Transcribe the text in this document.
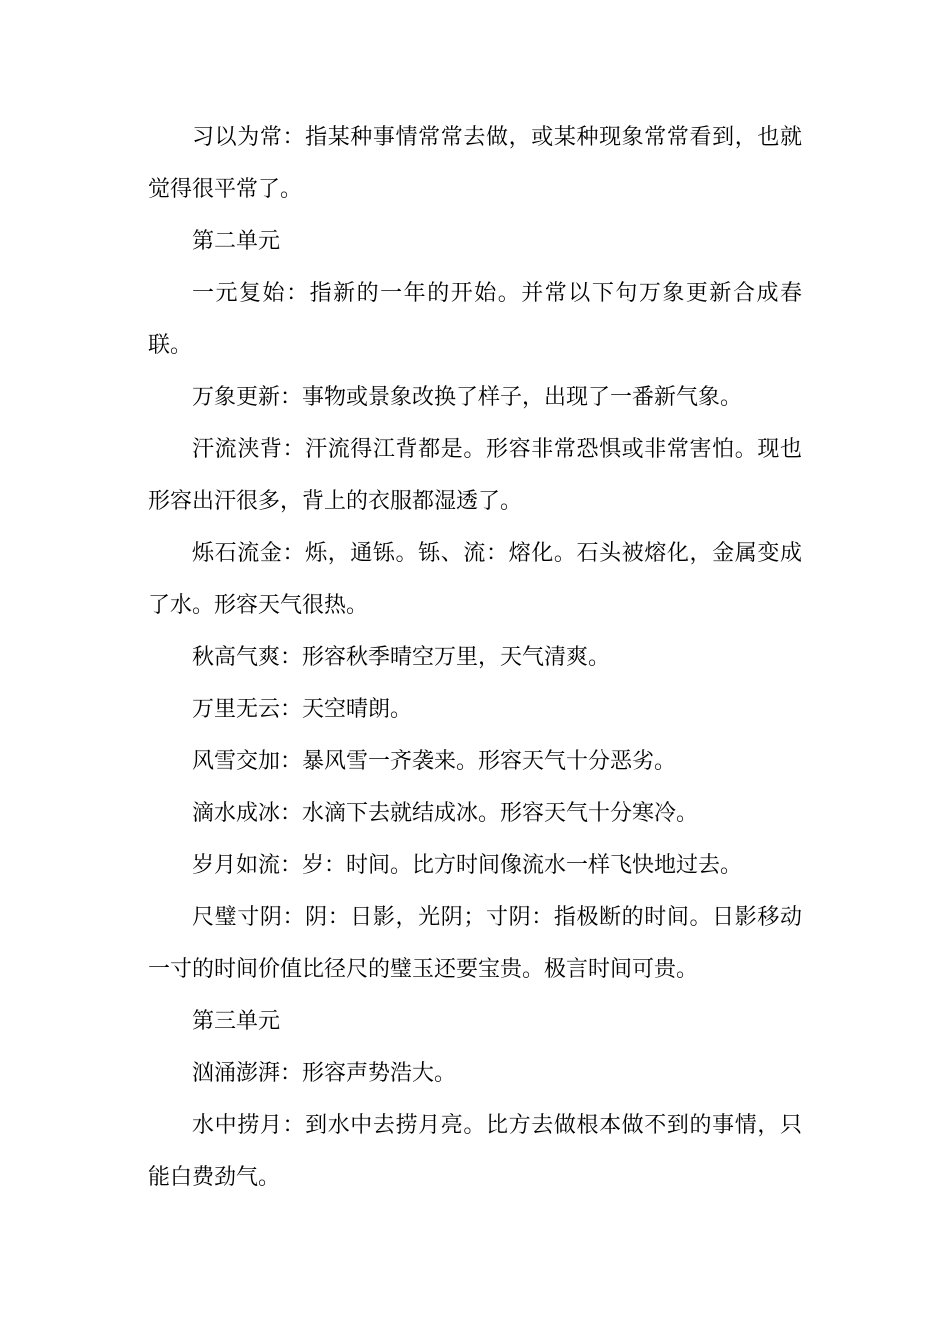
习以为常：指某种事情常常去做，或某种现象常常看到，也就觉得很平常了。

第二单元

一元复始：指新的一年的开始。并常以下句万象更新合成春联。

万象更新：事物或景象改换了样子，出现了一番新气象。

汗流浃背：汗流得江背都是。形容非常恐惧或非常害怕。现也形容出汗很多，背上的衣服都湿透了。

烁石流金：烁，通铄。铄、流：熔化。石头被熔化，金属变成了水。形容天气很热。

秋高气爽：形容秋季晴空万里，天气清爽。

万里无云：天空晴朗。

风雪交加：暴风雪一齐袭来。形容天气十分恶劣。

滴水成冰：水滴下去就结成冰。形容天气十分寒冷。

岁月如流：岁：时间。比方时间像流水一样飞快地过去。

尺璧寸阴：阴：日影，光阴；寸阴：指极断的时间。日影移动一寸的时间价值比径尺的璧玉还要宝贵。极言时间可贵。

第三单元

汹涌澎湃：形容声势浩大。

水中捞月：到水中去捞月亮。比方去做根本做不到的事情，只能白费劲气。
